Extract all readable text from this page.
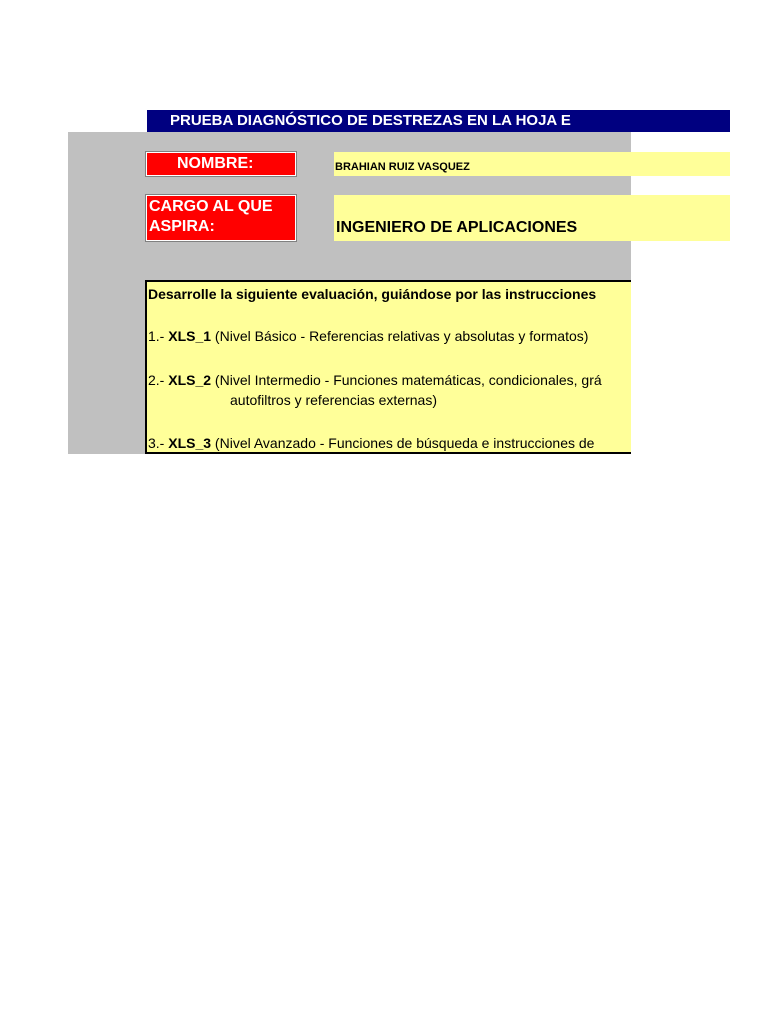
PRUEBA DIAGNÓSTICO DE DESTREZAS EN LA HOJA E
NOMBRE:	BRAHIAN RUIZ VASQUEZ
CARGO AL QUE
ASPIRA:	INGENIERO DE APLICACIONES
Desarrolle la siguiente evaluación, guiándose por las instrucciones
1.- XLS_1 (Nivel Básico - Referencias relativas y absolutas y formatos)
2.- XLS_2 (Nivel Intermedio - Funciones matemáticas, condicionales, grá
autofiltros y referencias externas)
3.- XLS_3 (Nivel Avanzado - Funciones de búsqueda e instrucciones de
